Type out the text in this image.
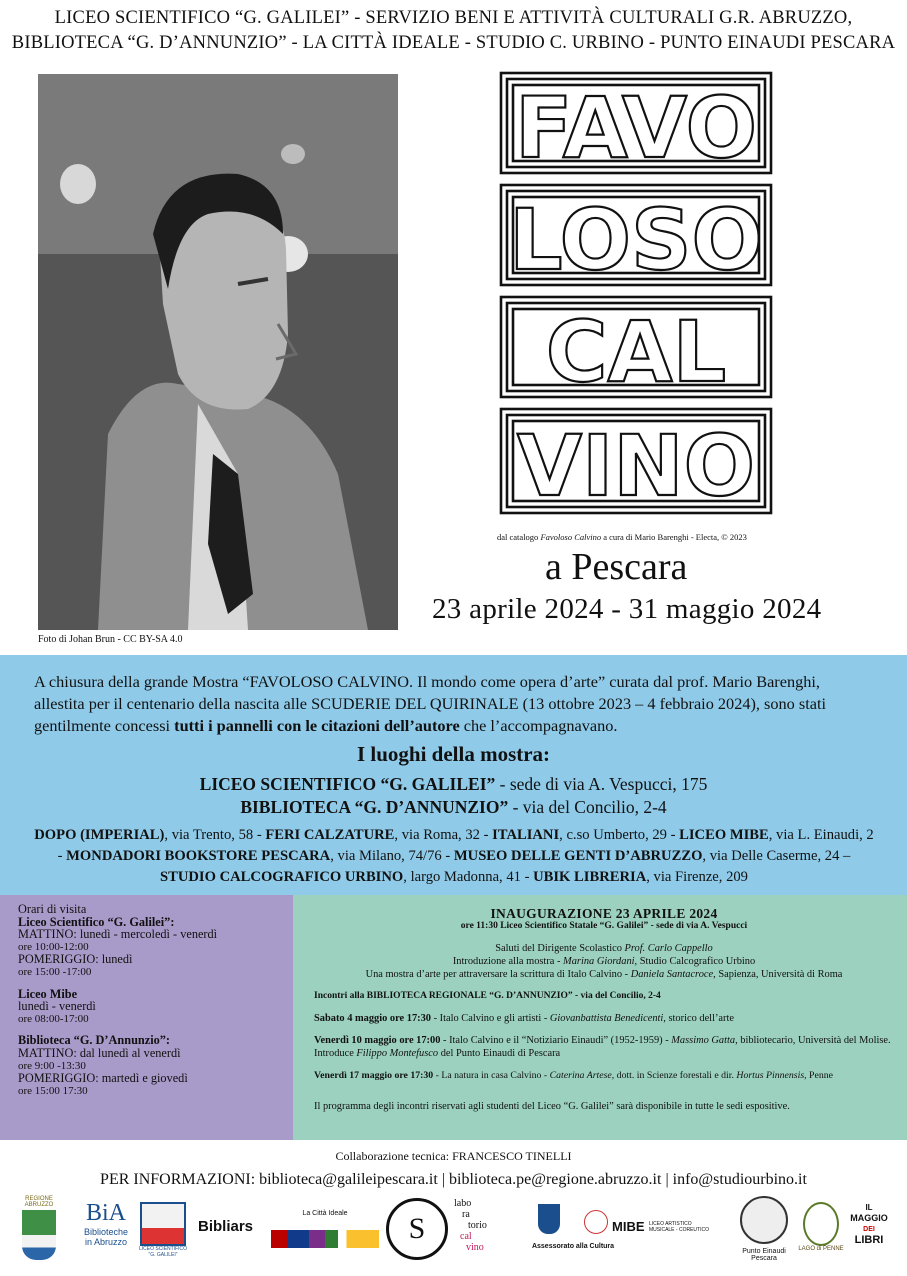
LICEO SCIENTIFICO “G. GALILEI” - SERVIZIO BENI E ATTIVITÀ CULTURALI G.R. ABRUZZO,
BIBLIOTECA “G. D’ANNUNZIO” - LA CITTÀ IDEALE - STUDIO C. URBINO - PUNTO EINAUDI PESCARA
Foto di Johan Brun - CC BY-SA 4.0
FAVO
LOSO
CAL
VINO
dal catalogo Favoloso Calvino a cura di Mario Barenghi - Electa, © 2023
a Pescara
23 aprile 2024 - 31 maggio 2024
A chiusura della grande Mostra “FAVOLOSO CALVINO. Il mondo come opera d’arte” curata dal prof. Mario Barenghi, allestita per il centenario della nascita alle SCUDERIE DEL QUIRINALE (13 ottobre 2023 – 4 febbraio 2024), sono stati gentilmente concessi tutti i pannelli con le citazioni dell’autore che l’accompagnavano.
I luoghi della mostra:
LICEO SCIENTIFICO “G. GALILEI” - sede di via A. Vespucci, 175
BIBLIOTECA “G. D’ANNUNZIO” - via del Concilio, 2-4
DOPO (IMPERIAL), via Trento, 58 - FERI CALZATURE, via Roma, 32 - ITALIANI, c.so Umberto, 29 - LICEO MIBE, via L. Einaudi, 2 - MONDADORI BOOKSTORE PESCARA, via Milano, 74/76 - MUSEO DELLE GENTI D’ABRUZZO, via Delle Caserme, 24 – STUDIO CALCOGRAFICO URBINO, largo Madonna, 41 - UBIK LIBRERIA, via Firenze, 209
Orari di visita
Liceo Scientifico “G. Galilei”:
MATTINO: lunedì - mercoledì - venerdì
ore 10:00-12:00
POMERIGGIO: lunedì
ore 15:00 -17:00
Liceo Mibe
lunedì - venerdì
ore 08:00-17:00
Biblioteca “G. D’Annunzio”:
MATTINO: dal lunedì al venerdì
ore 9:00 -13:30
POMERIGGIO: martedì e giovedì
ore 15:00 17:30
INAUGURAZIONE 23 APRILE 2024
ore 11:30 Liceo Scientifico Statale “G. Galilei” - sede di via A. Vespucci
Saluti del Dirigente Scolastico Prof. Carlo Cappello
Introduzione alla mostra - Marina Giordani, Studio Calcografico Urbino
Una mostra d’arte per attraversare la scrittura di Italo Calvino - Daniela Santacroce, Sapienza, Università di Roma
Incontri alla BIBLIOTECA REGIONALE “G. D’ANNUNZIO” - via del Concilio, 2-4
Sabato 4 maggio ore 17:30 - Italo Calvino e gli artisti - Giovanbattista Benedicenti, storico dell’arte
Venerdì 10 maggio ore 17:00 - Italo Calvino e il “Notiziario Einaudi” (1952-1959) - Massimo Gatta, bibliotecario, Università del Molise. Introduce Filippo Montefusco del Punto Einaudi di Pescara
Venerdì 17 maggio ore 17:30 - La natura in casa Calvino - Caterina Artese, dott. in Scienze forestali e dir. Hortus Pinnensis, Penne
Il programma degli incontri riservati agli studenti del Liceo “G. Galilei” sarà disponibile in tutte le sedi espositive.
Collaborazione tecnica: FRANCESCO TINELLI
PER INFORMAZIONI: biblioteca@galileipescara.it | biblioteca.pe@regione.abruzzo.it | info@studiourbino.it
REGIONE ABRUZZO	BiA
Biblioteche
in Abruzzo
LICEO SCIENTIFICO
“G. GALILEI”
Bibliars
La Città Ideale	S
labo
ra
torio
cal
vino
	Assessorato alla Cultura
MIBE LICEO ARTISTICO MUSICALE - COREUTICO
Punto Einaudi Pescara
LAGO di PENNE
IL
MAGGIO
DEI
LIBRI
